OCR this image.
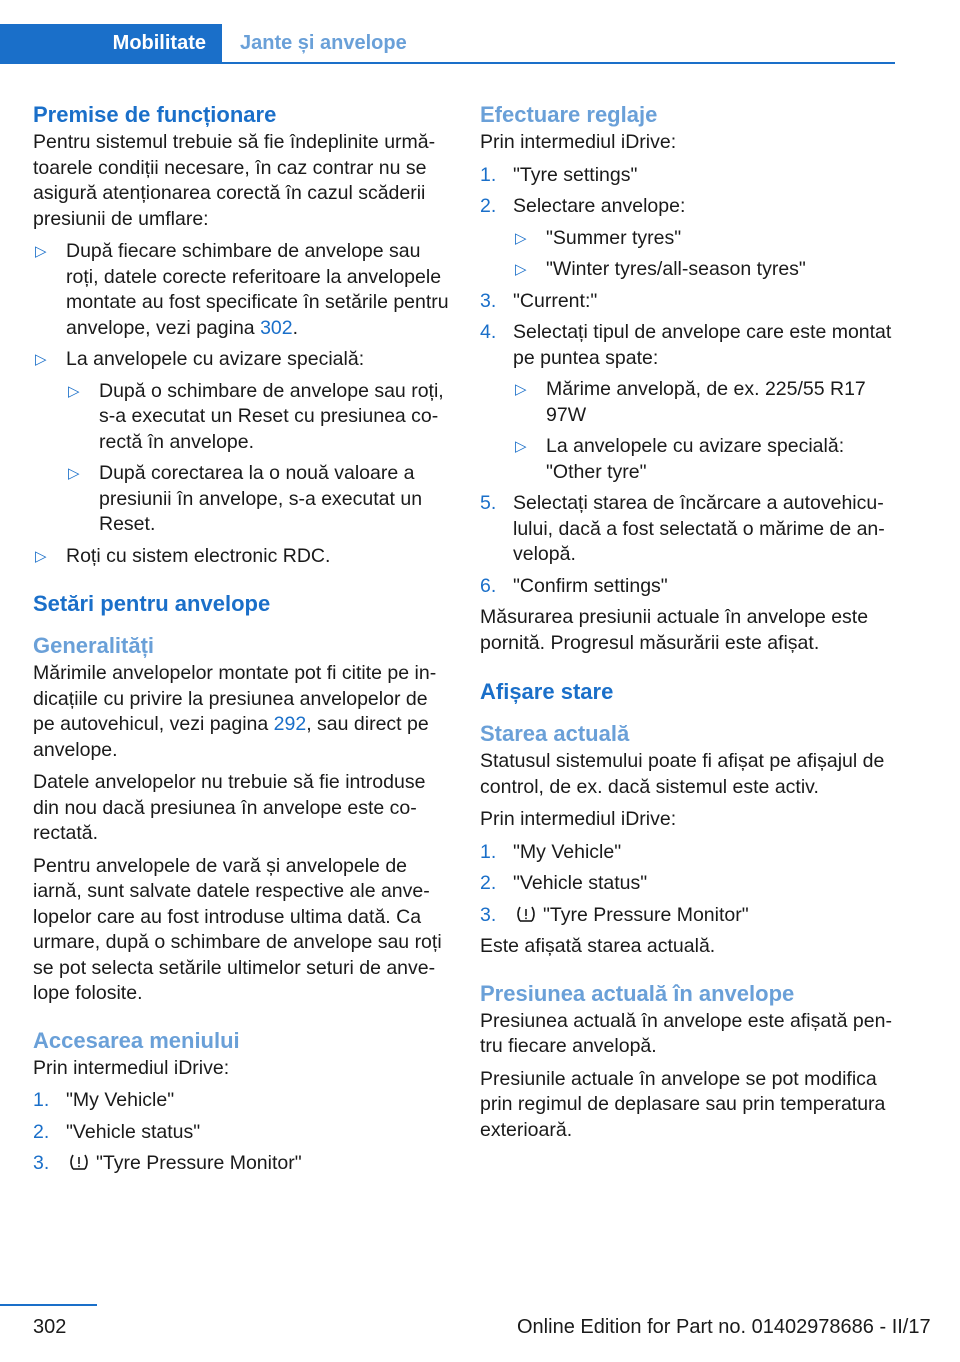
Mobilitate Jante și anvelope
Premise de funcționare

Pentru sistemul trebuie să fie îndeplinite următoarele condiții necesare, în caz contrar nu se asigură atenționarea corectă în cazul scăderii presiunii de umflare:

▷ După fiecare schimbare de anvelope sau roți, datele corecte referitoare la anvelopele montate au fost specificate în setările pentru anvelope, vezi pagina 302.
▷ La anvelopele cu avizare specială:
▷ După o schimbare de anvelope sau roți, s-a executat un Reset cu presiunea corectă în anvelope.
▷ După corectarea la o nouă valoare a presiunii în anvelope, s-a executat un Reset.
▷ Roți cu sistem electronic RDC.
Setări pentru anvelope
Generalități

Mărimile anvelopelor montate pot fi citite pe indicațiile cu privire la presiunea anvelopelor de pe autovehicul, vezi pagina 292, sau direct pe anvelope.

Datele anvelopelor nu trebuie să fie introduse din nou dacă presiunea în anvelope este corectată.

Pentru anvelopele de vară și anvelopele de iarnă, sunt salvate datele respective ale anvelopelor care au fost introduse ultima dată. Ca urmare, după o schimbare de anvelope sau roți se pot selecta setările ultimelor seturi de anvelope folosite.

Accesarea meniului

Prin intermediul iDrive:

1. "My Vehicle"
2. "Vehicle status"
3. "Tyre Pressure Monitor"
Efectuare reglaje

Prin intermediul iDrive:

1. "Tyre settings"
2. Selectare anvelope:
▷ "Summer tyres"
▷ "Winter tyres/all-season tyres"
3. "Current:"
4. Selectați tipul de anvelope care este montat pe puntea spate:
▷ Mărime anvelopă, de ex. 225/55 R17 97W
▷ La anvelopele cu avizare specială: "Other tyre"
5. Selectați starea de încărcare a autovehiculului, dacă a fost selectată o mărime de anvelopă.
6. "Confirm settings"

Măsurarea presiunii actuale în anvelope este pornită. Progresul măsurării este afișat.

Afișare stare
Starea actuală

Statusul sistemului poate fi afișat pe afișajul de control, de ex. dacă sistemul este activ.

Prin intermediul iDrive:

1. "My Vehicle"
2. "Vehicle status"
3. "Tyre Pressure Monitor"

Este afișată starea actuală.

Presiunea actuală în anvelope

Presiunea actuală în anvelope este afișată pentru fiecare anvelopă.

Presiunile actuale în anvelope se pot modifica prin regimul de deplasare sau prin temperatura exterioară.

302	Online Edition for Part no. 01402978686 - II/17
